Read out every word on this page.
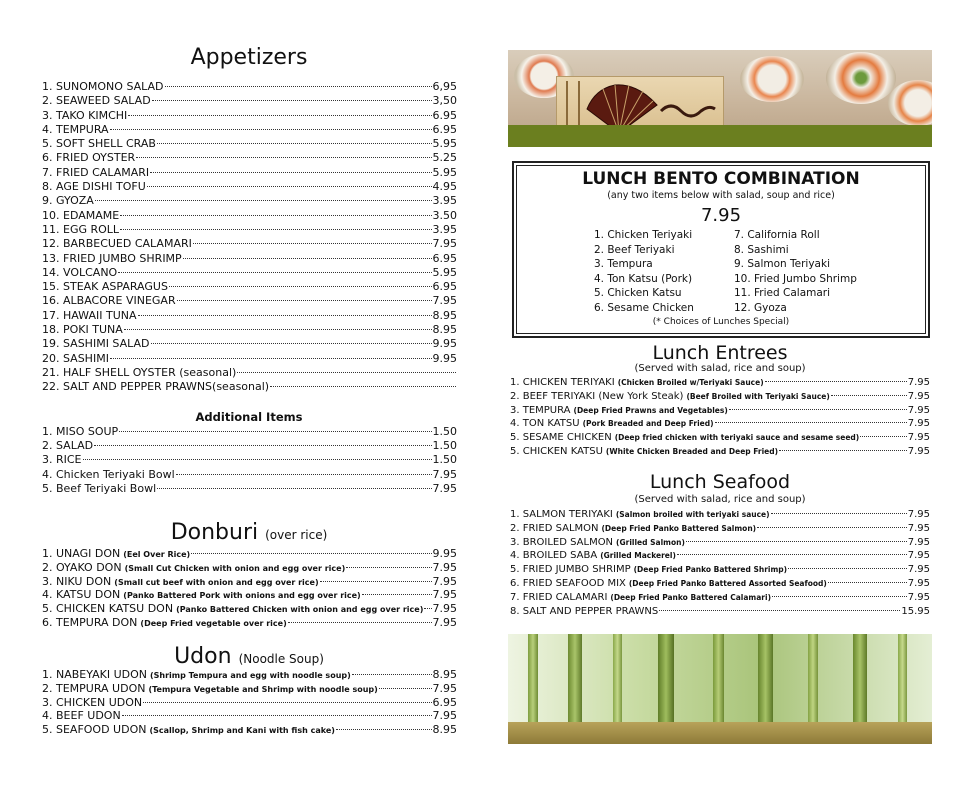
Appetizers
1. SUNOMONO SALAD	6,95
2. SEAWEED SALAD	3,50
3. TAKO KIMCHI	6.95
4. TEMPURA	6.95
5. SOFT SHELL CRAB	5.95
6. FRIED OYSTER	5.25
7. FRIED CALAMARI	5.95
8. AGE DISHI TOFU	4.95
9. GYOZA	3.95
10. EDAMAME	3.50
11. EGG ROLL	3.95
12. BARBECUED CALAMARI	7.95
13. FRIED JUMBO SHRIMP	6.95
14. VOLCANO	5.95
15. STEAK ASPARAGUS	6.95
16. ALBACORE VINEGAR	7.95
17. HAWAII TUNA	8.95
18. POKI TUNA	8.95
19. SASHIMI SALAD	9.95
20. SASHIMI	9.95
21. HALF SHELL OYSTER (seasonal)
22. SALT AND PEPPER PRAWNS(seasonal)
Additional Items
1. MISO SOUP	1.50
2. SALAD	1.50
3. RICE	1.50
4. Chicken Teriyaki Bowl	7.95
5. Beef Teriyaki Bowl	7.95
Donburi (over rice)
1. UNAGI DON (Eel Over Rice)	9.95
2. OYAKO DON (Small Cut Chicken with onion and egg over rice)	7.95
3. NIKU DON (Small cut beef with onion and egg over rice)	7.95
4. KATSU DON (Panko Battered Pork with onions and egg over rice)	7.95
5. CHICKEN KATSU DON (Panko Battered Chicken with onion and egg over rice) 7.95
6. TEMPURA DON (Deep Fried vegetable over rice)	7.95
Udon (Noodle Soup)
1. NABEYAKI UDON (Shrimp Tempura and egg with noodle soup)	8.95
2. TEMPURA UDON (Tempura Vegetable and Shrimp with noodle soup)	7.95
3. CHICKEN UDON	6.95
4. BEEF UDON	7.95
5. SEAFOOD UDON (Scallop, Shrimp and Kani with fish cake)	8.95
LUNCH BENTO COMBINATION
(any two items below with salad, soup and rice)
7.95
1. Chicken Teriyaki
2. Beef Teriyaki
3. Tempura
4. Ton Katsu (Pork)
5. Chicken Katsu
6. Sesame Chicken
7. California Roll
8. Sashimi
9. Salmon Teriyaki
10. Fried Jumbo Shrimp
11. Fried Calamari
12. Gyoza
(* Choices of Lunches Special)
Lunch Entrees
(Served with salad, rice and soup)
1. CHICKEN TERIYAKI (Chicken Broiled w/Teriyaki Sauce)	7.95
2. BEEF TERIYAKI (New York Steak) (Beef Broiled with Teriyaki Sauce)	7.95
3. TEMPURA (Deep Fried Prawns and Vegetables)	7.95
4. TON KATSU (Pork Breaded and Deep Fried)	7.95
5. SESAME CHICKEN (Deep fried chicken with teriyaki sauce and sesame seed)	7.95
5. CHICKEN KATSU (White Chicken Breaded and Deep Fried)	7.95
Lunch Seafood
(Served with salad, rice and soup)
1. SALMON TERIYAKI (Salmon broiled with teriyaki sauce)	7.95
2. FRIED SALMON (Deep Fried Panko Battered Salmon)	7.95
3. BROILED SALMON (Grilled Salmon)	7.95
4. BROILED SABA (Grilled Mackerel)	7.95
5. FRIED JUMBO SHRIMP (Deep Fried Panko Battered Shrimp)	7.95
6. FRIED SEAFOOD MIX (Deep Fried Panko Battered Assorted Seafood)	7.95
7. FRIED CALAMARI (Deep Fried Panko Battered Calamari)	7.95
8. SALT AND PEPPER PRAWNS	15.95
